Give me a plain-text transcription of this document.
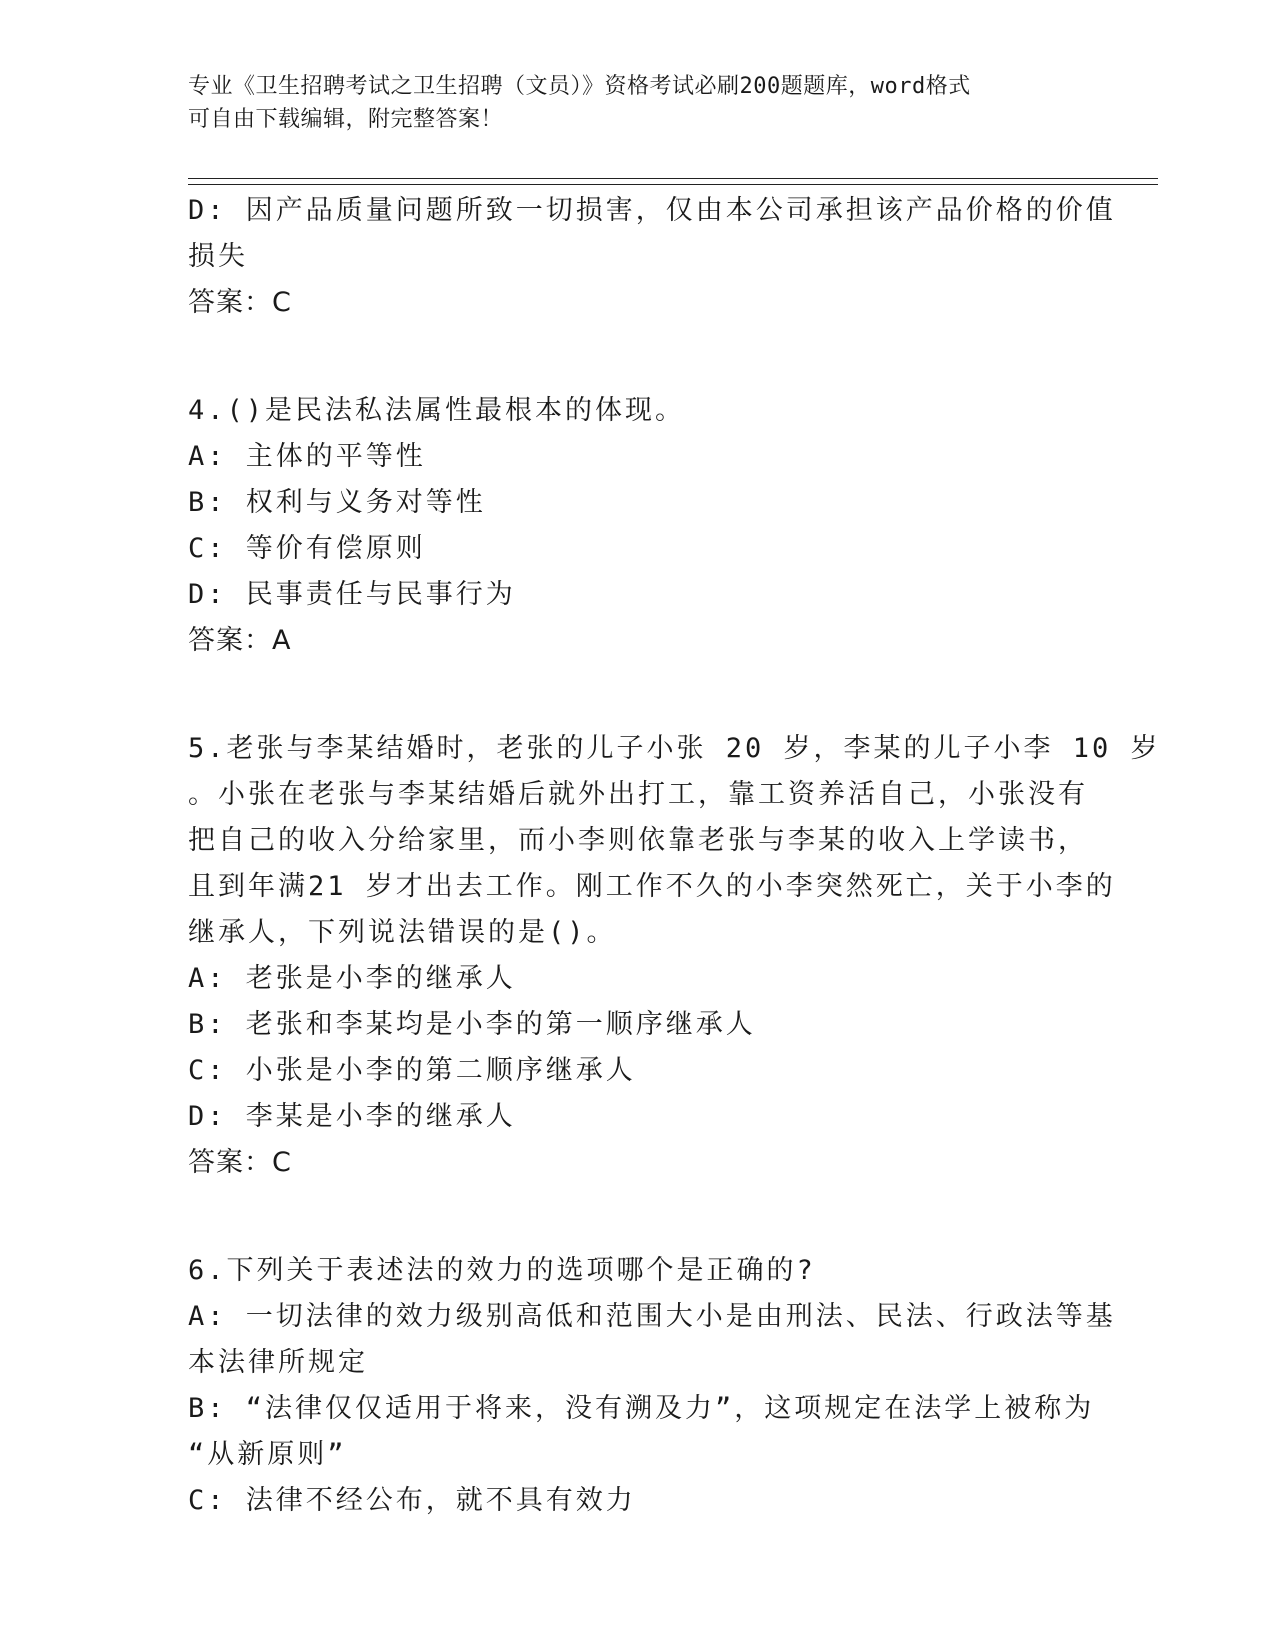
专业《卫生招聘考试之卫生招聘（文员）》资格考试必刷200题题库，word格式
可自由下载编辑，附完整答案！
D: 因产品质量问题所致一切损害，仅由本公司承担该产品价格的价值
损失
答案：C
4.()是民法私法属性最根本的体现。
A: 主体的平等性
B: 权利与义务对等性
C: 等价有偿原则
D: 民事责任与民事行为
答案：A
5.老张与李某结婚时，老张的儿子小张 20 岁，李某的儿子小李 10 岁
。小张在老张与李某结婚后就外出打工，靠工资养活自己，小张没有
把自己的收入分给家里，而小李则依靠老张与李某的收入上学读书，
且到年满21 岁才出去工作。刚工作不久的小李突然死亡，关于小李的
继承人，下列说法错误的是()。
A: 老张是小李的继承人
B: 老张和李某均是小李的第一顺序继承人
C: 小张是小李的第二顺序继承人
D: 李某是小李的继承人
答案：C
6.下列关于表述法的效力的选项哪个是正确的?
A: 一切法律的效力级别高低和范围大小是由刑法、民法、行政法等基
本法律所规定
B: “法律仅仅适用于将来，没有溯及力”，这项规定在法学上被称为
“从新原则”
C: 法律不经公布，就不具有效力
